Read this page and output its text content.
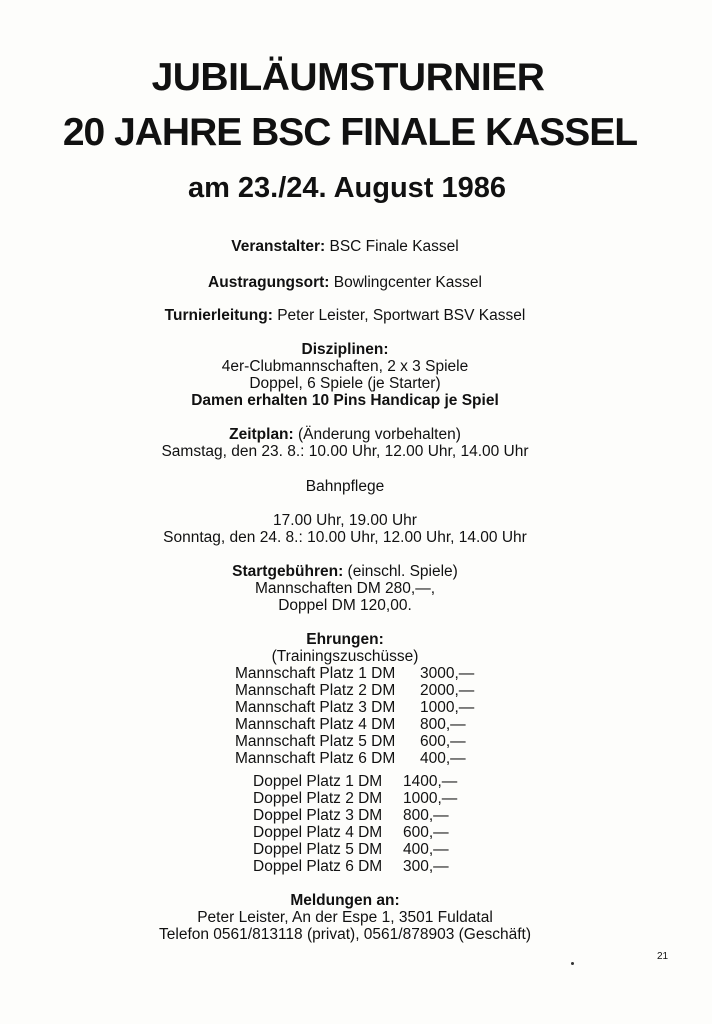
JUBILÄUMSTURNIER
20 JAHRE BSC FINALE KASSEL
am 23./24. August 1986
Veranstalter: BSC Finale Kassel
Austragungsort: Bowlingcenter Kassel
Turnierleitung: Peter Leister, Sportwart BSV Kassel
Disziplinen:
4er-Clubmannschaften, 2 x 3 Spiele
Doppel, 6 Spiele (je Starter)
Damen erhalten 10 Pins Handicap je Spiel
Zeitplan: (Änderung vorbehalten)
Samstag, den 23. 8.: 10.00 Uhr, 12.00 Uhr, 14.00 Uhr
Bahnpflege
17.00 Uhr, 19.00 Uhr
Sonntag, den 24. 8.: 10.00 Uhr, 12.00 Uhr, 14.00 Uhr
Startgebühren: (einschl. Spiele)
Mannschaften DM 280,—,
Doppel DM 120,00.
Ehrungen:
(Trainingszuschüsse)
Mannschaft Platz 1 DM	3000,—
Mannschaft Platz 2 DM	2000,—
Mannschaft Platz 3 DM	1000,—
Mannschaft Platz 4 DM	800,—
Mannschaft Platz 5 DM	600,—
Mannschaft Platz 6 DM	400,—
Doppel Platz 1 DM	1400,—
Doppel Platz 2 DM	1000,—
Doppel Platz 3 DM	800,—
Doppel Platz 4 DM	600,—
Doppel Platz 5 DM	400,—
Doppel Platz 6 DM	300,—
Meldungen an:
Peter Leister, An der Espe 1, 3501 Fuldatal
Telefon 0561/813118 (privat), 0561/878903 (Geschäft)
21
